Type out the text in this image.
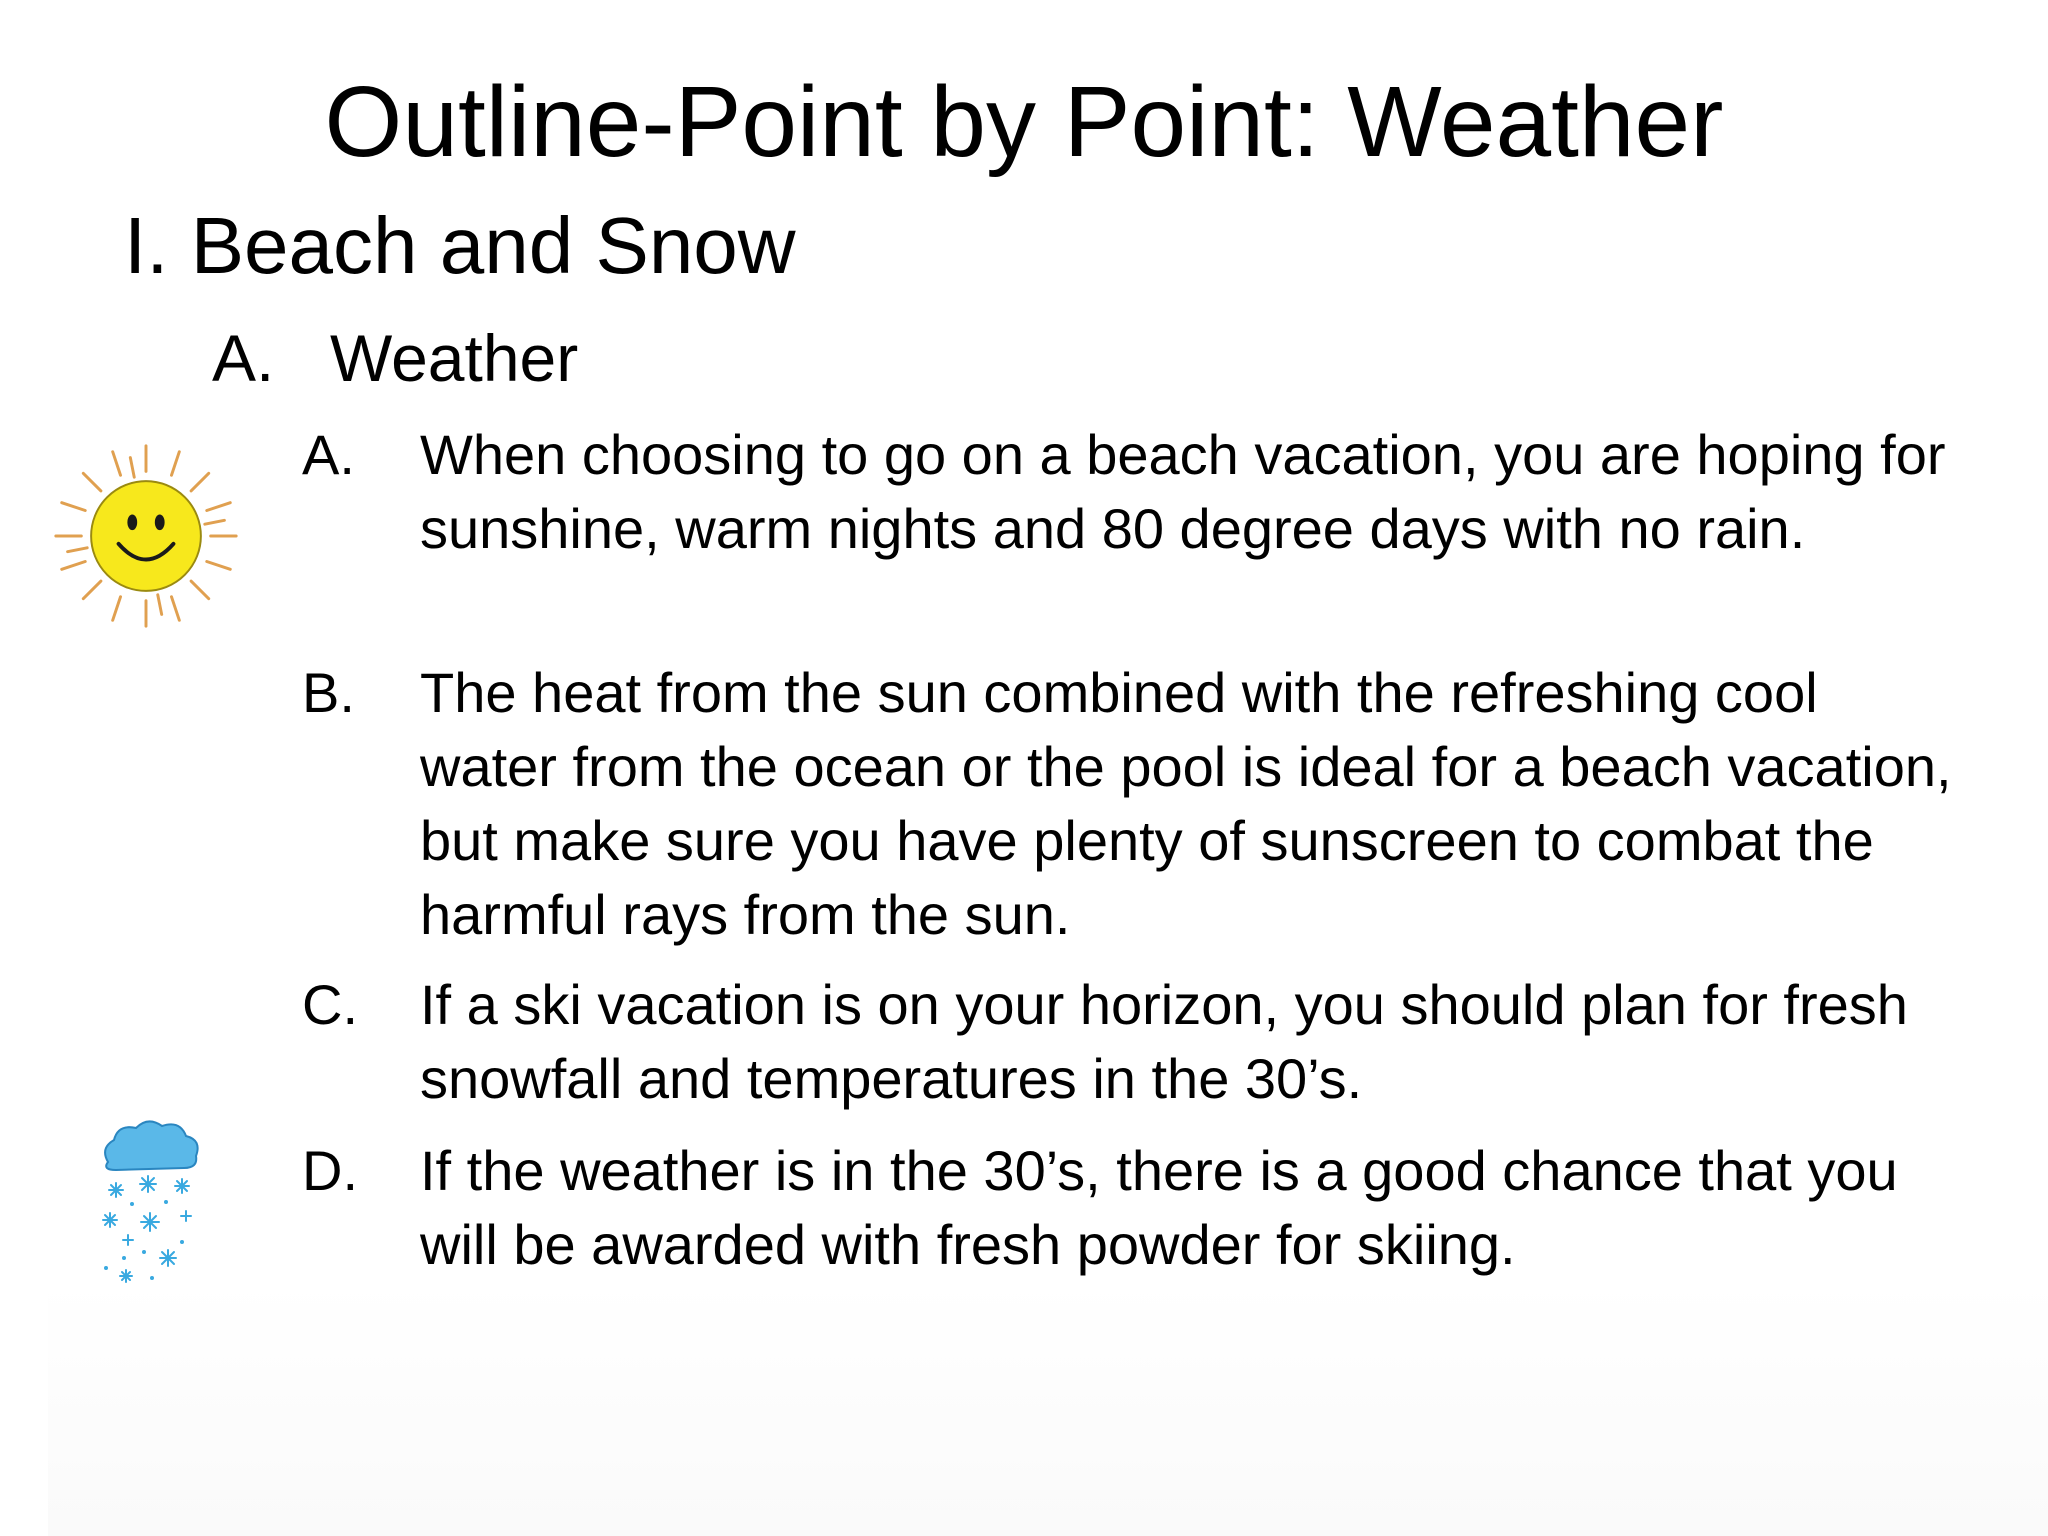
Outline-Point by Point: Weather
I. Beach and Snow
A. Weather
A. When choosing to go on a beach vacation, you are hoping for sunshine, warm nights and 80 degree days with no rain.
B. The heat from the sun combined with the refreshing cool water from the ocean or the pool is ideal for a beach vacation, but make sure you have plenty of sunscreen to combat the harmful rays from the sun.
C. If a ski vacation is on your horizon, you should plan for fresh snowfall and temperatures in the 30’s.
D. If the weather is in the 30’s, there is a good chance that you will be awarded with fresh powder for skiing.
